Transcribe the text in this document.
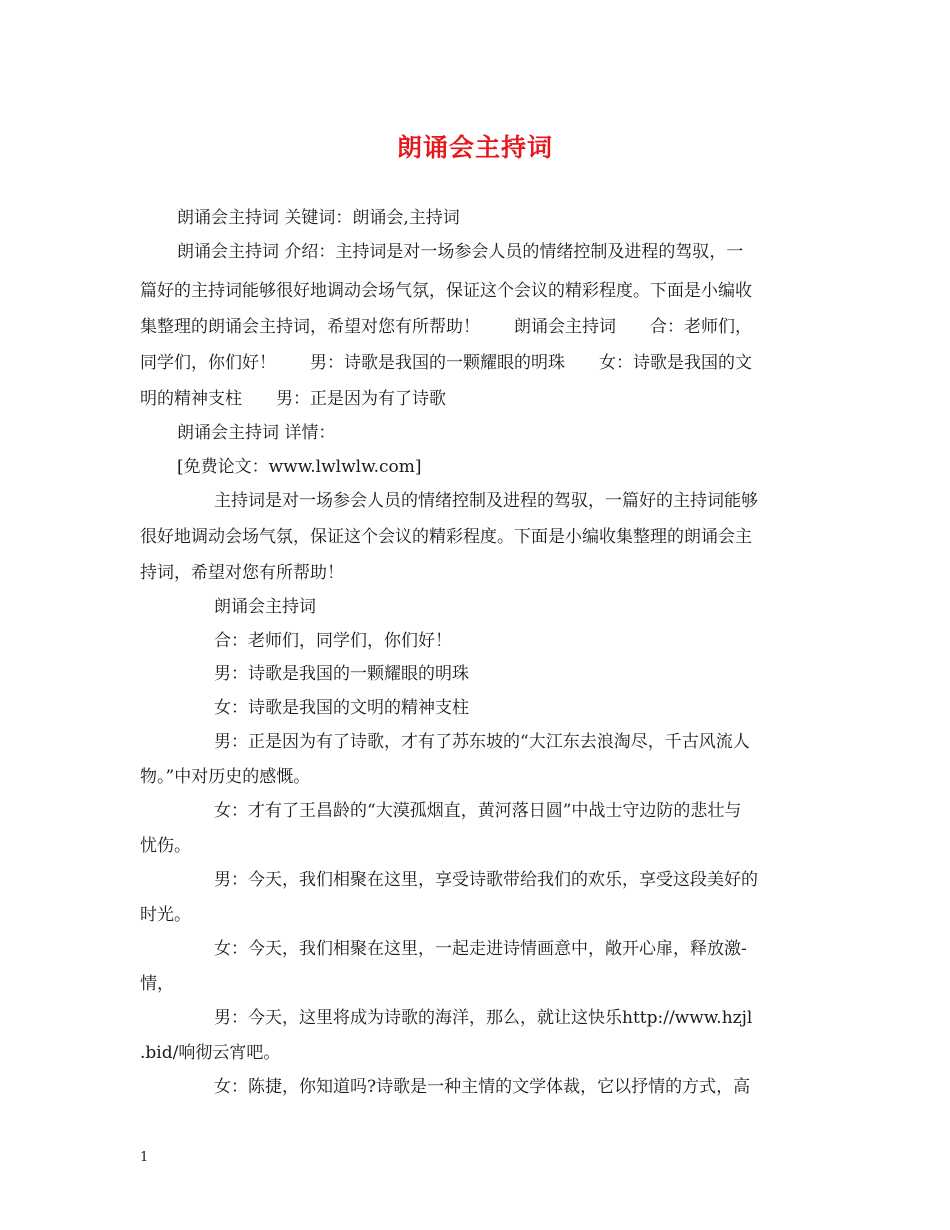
朗诵会主持词
朗诵会主持词 关键词：朗诵会,主持词
朗诵会主持词 介绍：主持词是对一场参会人员的情绪控制及进程的驾驭，一
篇好的主持词能够很好地调动会场气氛，保证这个会议的精彩程度。下面是小编收
集整理的朗诵会主持词，希望对您有所帮助！　　朗诵会主持词　　合：老师们，
同学们，你们好！　　男：诗歌是我国的一颗耀眼的明珠　　女：诗歌是我国的文
明的精神支柱　　男：正是因为有了诗歌
朗诵会主持词 详情：
[免费论文：www.lwlwlw.com]
主持词是对一场参会人员的情绪控制及进程的驾驭，一篇好的主持词能够
很好地调动会场气氛，保证这个会议的精彩程度。下面是小编收集整理的朗诵会主
持词，希望对您有所帮助！
朗诵会主持词
合：老师们，同学们，你们好！
男：诗歌是我国的一颗耀眼的明珠
女：诗歌是我国的文明的精神支柱
男：正是因为有了诗歌，才有了苏东坡的“大江东去浪淘尽，千古风流人
物。”中对历史的感慨。
女：才有了王昌龄的“大漠孤烟直，黄河落日圆”中战士守边防的悲壮与
忧伤。
男：今天，我们相聚在这里，享受诗歌带给我们的欢乐，享受这段美好的
时光。
女：今天，我们相聚在这里，一起走进诗情画意中，敞开心扉，释放激-
情，
男：今天，这里将成为诗歌的海洋，那么，就让这快乐http://www.hzjl
.bid/响彻云宵吧。
女：陈捷，你知道吗?诗歌是一种主情的文学体裁，它以抒情的方式，高
1
